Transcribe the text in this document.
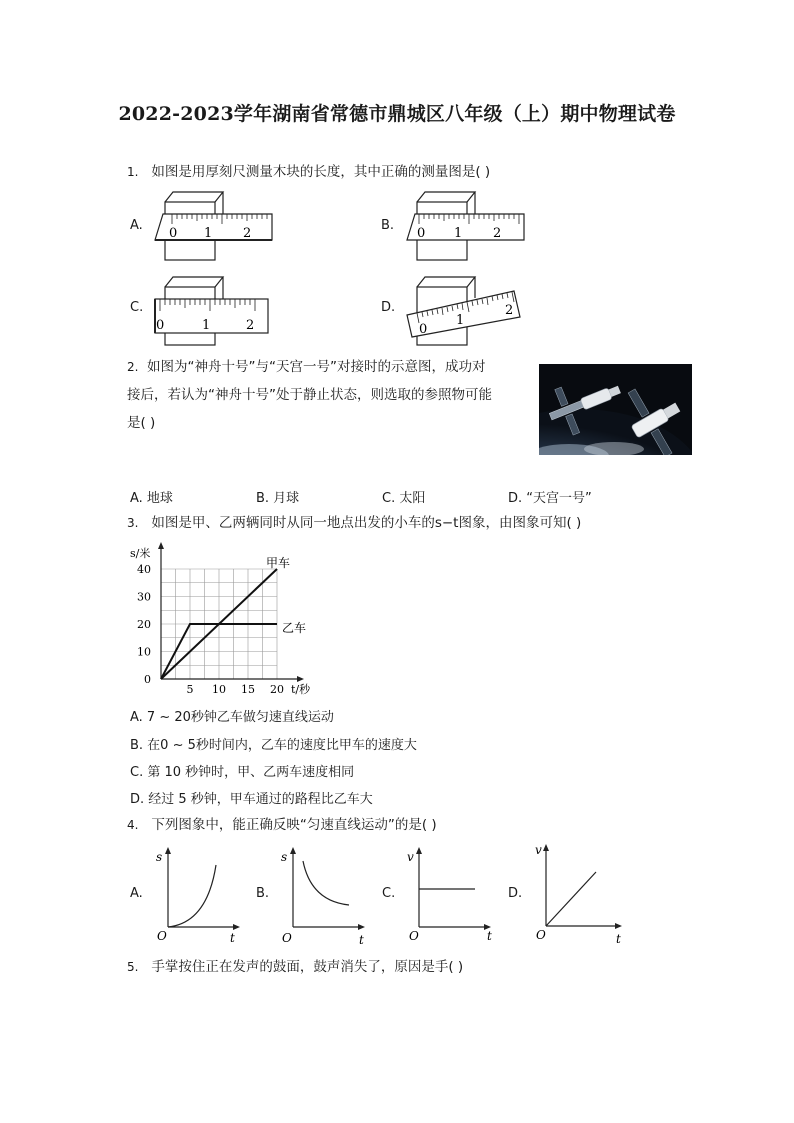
2022-2023学年湖南省常德市鼎城区八年级（上）期中物理试卷
1. 如图是用厚刻尺测量木块的长度，其中正确的测量图是( )
A.	B.
C.	D.
0 1 2	0 1 2
0	1	2	0
1
2
2. 如图为“神舟十号”与“天宫一号”对接时的示意图，成功对
接后，若认为“神舟十号”处于静止状态，则选取的参照物可能
是( )
A. 地球	B. 月球	C. 太阳	D. “天宫一号”
3. 如图是甲、乙两辆同时从同一地点出发的小车的s−t图象，由图象可知( )
5 10 15 20
0
10
20
30
40
s/米
t/秒
甲车
乙车
A. 7 ~ 20秒钟乙车做匀速直线运动
B. 在0 ~ 5秒时间内，乙车的速度比甲车的速度大
C. 第 10 秒钟时，甲、乙两车速度相同
D. 经过 5 秒钟，甲车通过的路程比乙车大
4. 下列图象中，能正确反映“匀速直线运动”的是( )
A.	B.	C.	D.
s
O	t
s
O	t
v
O	t
v
O	t
5. 手掌按住正在发声的鼓面，鼓声消失了，原因是手( )
